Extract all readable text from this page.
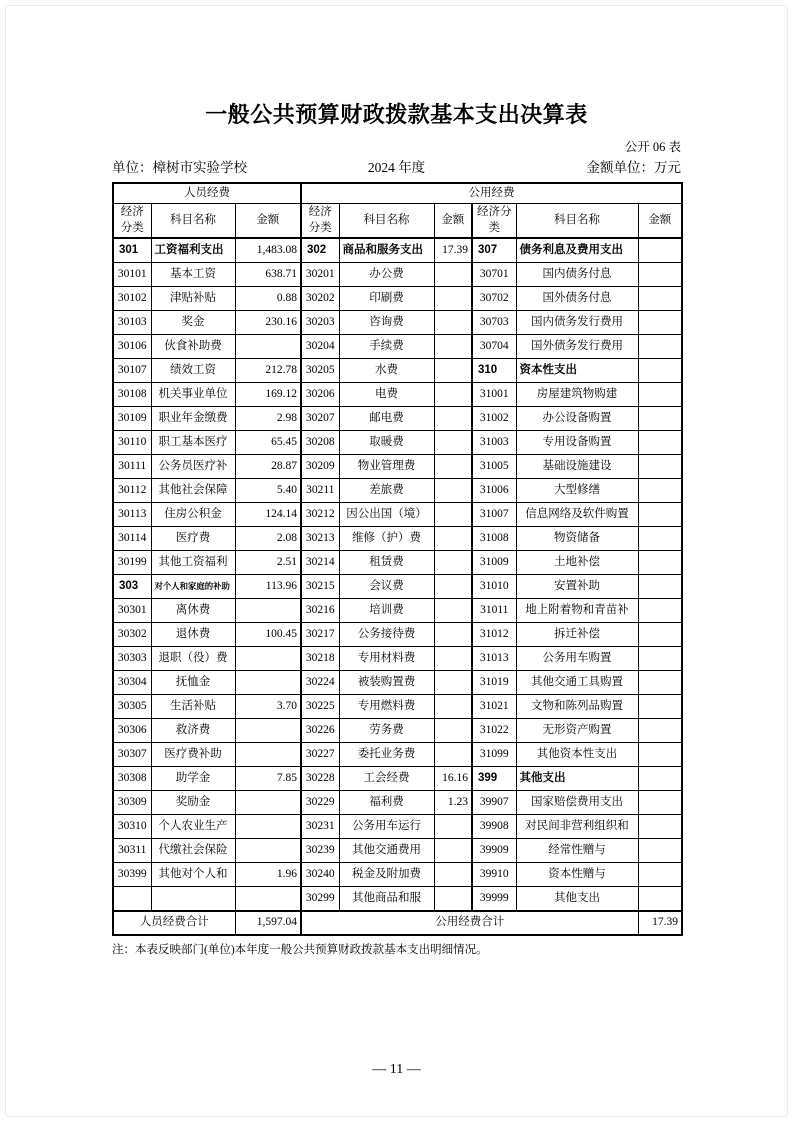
一般公共预算财政拨款基本支出决算表
公开 06 表
单位：樟树市实验学校	2024 年度	金额单位：万元
人员经费			公用经费					
经济分类	科目名称	金额	经济分类	科目名称	金额	经济分类	科目名称	金额
301	工资福利支出	1,483.08	302	商品和服务支出	17.39	307	债务利息及费用支出	
30101	基本工资	638.71	30201	办公费		30701	国内债务付息	
30102	津贴补贴	0.88	30202	印刷费		30702	国外债务付息	
30103	奖金	230.16	30203	咨询费		30703	国内债务发行费用	
30106	伙食补助费		30204	手续费		30704	国外债务发行费用	
30107	绩效工资	212.78	30205	水费		310	资本性支出	
30108	机关事业单位	169.12	30206	电费		31001	房屋建筑物购建	
30109	职业年金缴费	2.98	30207	邮电费		31002	办公设备购置	
30110	职工基本医疗	65.45	30208	取暖费		31003	专用设备购置	
30111	公务员医疗补	28.87	30209	物业管理费		31005	基础设施建设	
30112	其他社会保障	5.40	30211	差旅费		31006	大型修缮	
30113	住房公积金	124.14	30212	因公出国（境）		31007	信息网络及软件购置	
30114	医疗费	2.08	30213	维修（护）费		31008	物资储备	
30199	其他工资福利	2.51	30214	租赁费		31009	土地补偿	
303	对个人和家庭的补助	113.96	30215	会议费		31010	安置补助	
30301	离休费		30216	培训费		31011	地上附着物和青苗补	
30302	退休费	100.45	30217	公务接待费		31012	拆迁补偿	
30303	退职（役）费		30218	专用材料费		31013	公务用车购置	
30304	抚恤金		30224	被装购置费		31019	其他交通工具购置	
30305	生活补贴	3.70	30225	专用燃料费		31021	文物和陈列品购置	
30306	救济费		30226	劳务费		31022	无形资产购置	
30307	医疗费补助		30227	委托业务费		31099	其他资本性支出	
30308	助学金	7.85	30228	工会经费	16.16	399	其他支出	
30309	奖励金		30229	福利费	1.23	39907	国家赔偿费用支出	
30310	个人农业生产		30231	公务用车运行		39908	对民间非营利组织和	
30311	代缴社会保险		30239	其他交通费用		39909	经常性赠与	
30399	其他对个人和	1.96	30240	税金及附加费		39910	资本性赠与	
			30299	其他商品和服		39999	其他支出	
人员经费合计		1,597.04	公用经费合计					17.39
注：本表反映部门(单位)本年度一般公共预算财政拨款基本支出明细情况。
— 11 —
